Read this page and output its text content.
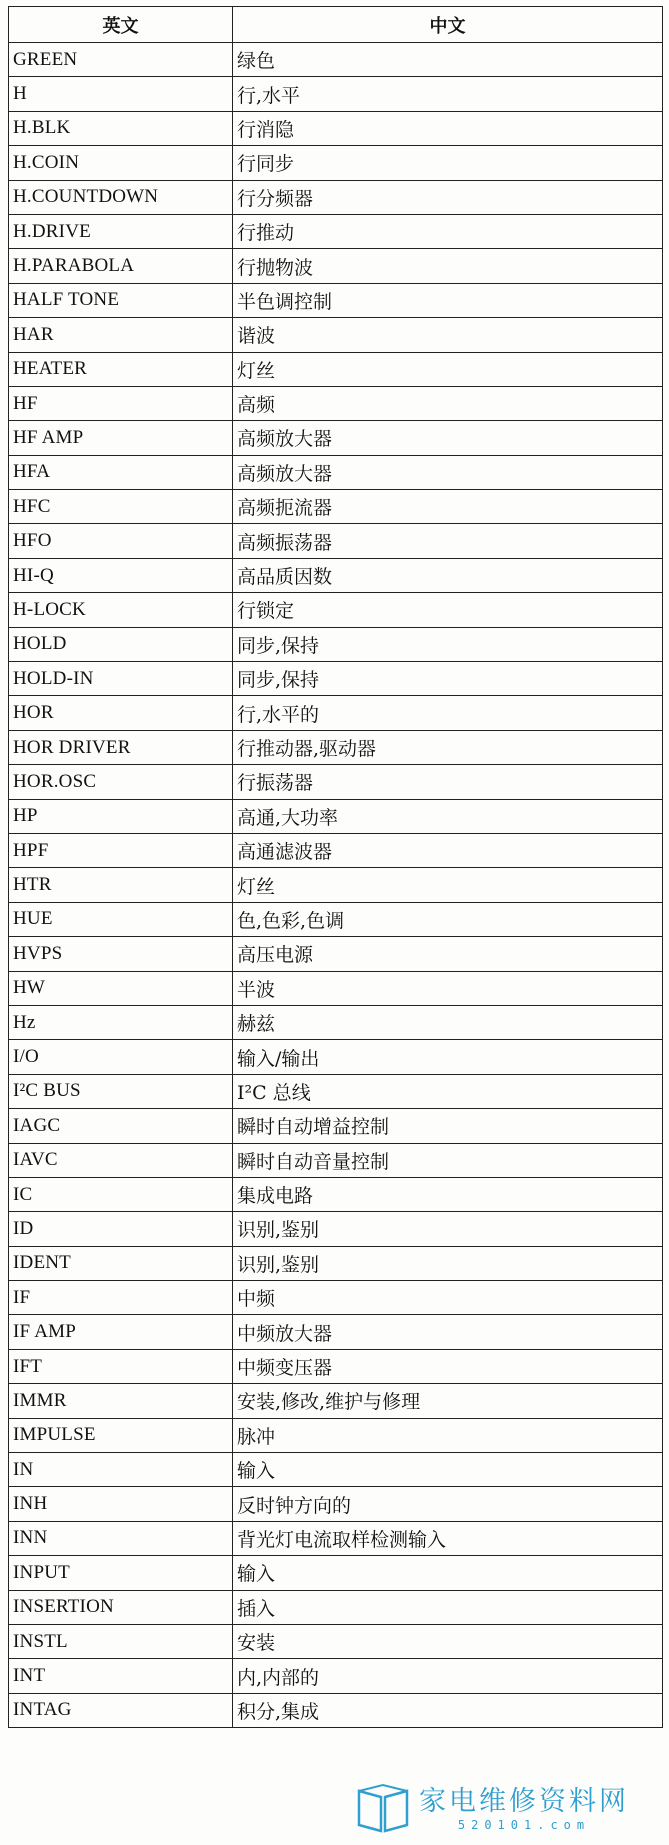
英文	中文
GREEN	绿色
H	行,水平
H.BLK	行消隐
H.COIN	行同步
H.COUNTDOWN	行分频器
H.DRIVE	行推动
H.PARABOLA	行抛物波
HALF TONE	半色调控制
HAR	谐波
HEATER	灯丝
HF	高频
HF AMP	高频放大器
HFA	高频放大器
HFC	高频扼流器
HFO	高频振荡器
HI-Q	高品质因数
H-LOCK	行锁定
HOLD	同步,保持
HOLD-IN	同步,保持
HOR	行,水平的
HOR DRIVER	行推动器,驱动器
HOR.OSC	行振荡器
HP	高通,大功率
HPF	高通滤波器
HTR	灯丝
HUE	色,色彩,色调
HVPS	高压电源
HW	半波
Hz	赫兹
I/O	输入/输出
I²C BUS	I²C 总线
IAGC	瞬时自动增益控制
IAVC	瞬时自动音量控制
IC	集成电路
ID	识别,鉴别
IDENT	识别,鉴别
IF	中频
IF AMP	中频放大器
IFT	中频变压器
IMMR	安装,修改,维护与修理
IMPULSE	脉冲
IN	输入
INH	反时钟方向的
INN	背光灯电流取样检测输入
INPUT	输入
INSERTION	插入
INSTL	安装
INT	内,内部的
INTAG	积分,集成
家电维修资料网
520101.com
